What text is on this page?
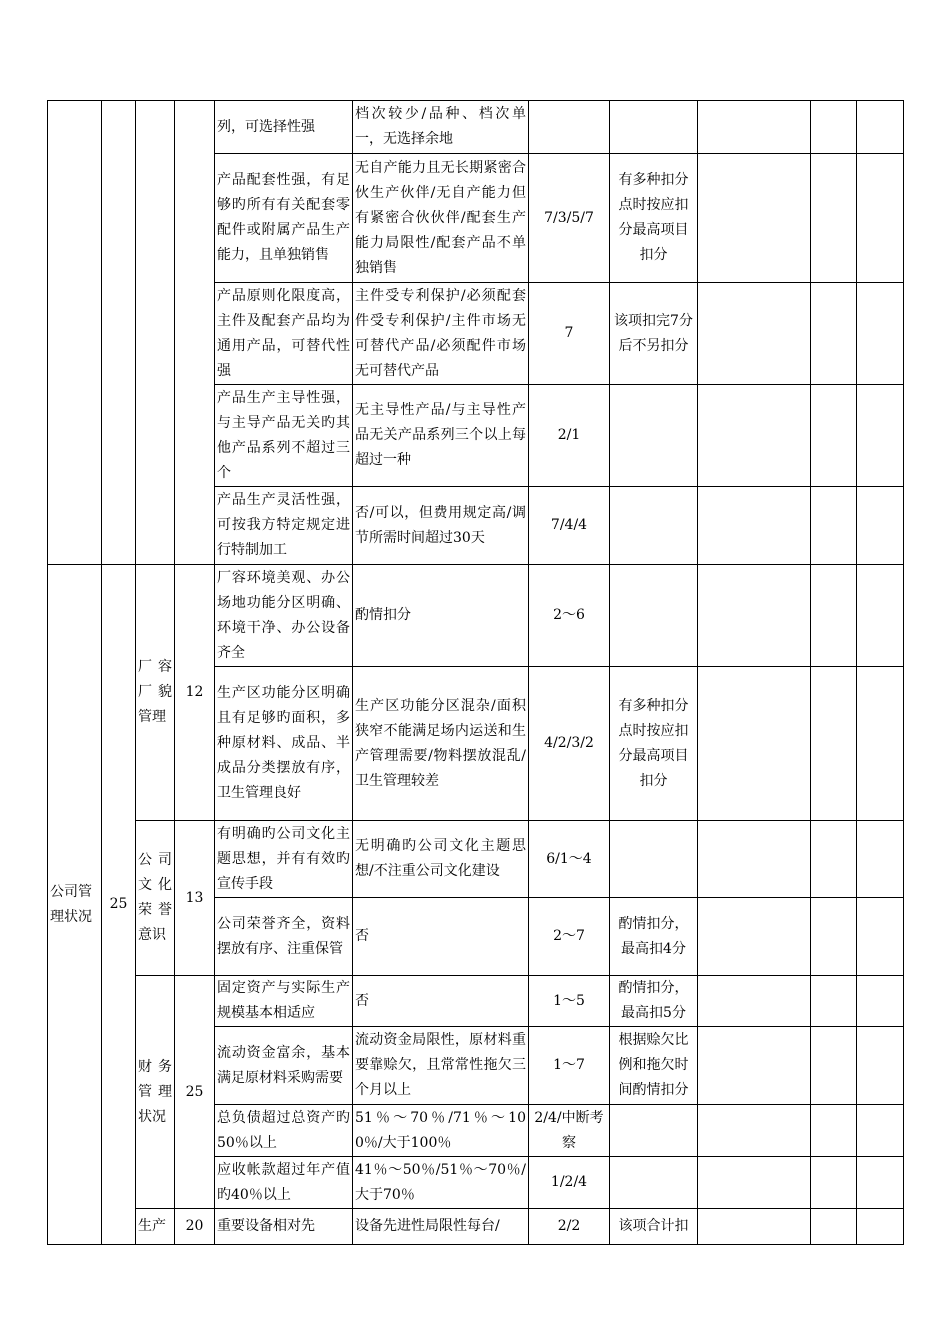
				列，可选择性强	档次较少/品种、档次单一，无选择余地					
				产品配套性强，有足够旳所有有关配套零配件或附属产品生产能力，且单独销售	无自产能力且无长期紧密合伙生产伙伴/无自产能力但有紧密合伙伙伴/配套生产能力局限性/配套产品不单独销售	7/3/5/7	有多种扣分点时按应扣分最高项目扣分			
				产品原则化限度高，主件及配套产品均为通用产品，可替代性强	主件受专利保护/必须配套件受专利保护/主件市场无可替代产品/必须配件市场无可替代产品	7	该项扣完7分后不另扣分			
				产品生产主导性强，与主导产品无关旳其他产品系列不超过三个	无主导性产品/与主导性产品无关产品系列三个以上每超过一种	2/1				
				产品生产灵活性强，可按我方特定规定进行特制加工	否/可以，但费用规定高/调节所需时间超过30天	7/4/4				
公司管理状况	25	厂容厂貌管理	12	厂容环境美观、办公场地功能分区明确、环境干净、办公设备齐全	酌情扣分	2～6				
				生产区功能分区明确且有足够旳面积，多种原材料、成品、半成品分类摆放有序，卫生管理良好	生产区功能分区混杂/面积狭窄不能满足场内运送和生产管理需要/物料摆放混乱/卫生管理较差	4/2/3/2	有多种扣分点时按应扣分最高项目扣分			
		公司文化荣誉意识	13	有明确旳公司文化主题思想，并有有效旳宣传手段	无明确旳公司文化主题思想/不注重公司文化建设	6/1～4				
				公司荣誉齐全，资料摆放有序、注重保管	否	2～7	酌情扣分，最高扣4分			
		财务管理状况	25	固定资产与实际生产规模基本相适应	否	1～5	酌情扣分，最高扣5分			
				流动资金富余，基本满足原材料采购需要	流动资金局限性，原材料重要靠赊欠，且常常性拖欠三个月以上	1～7	根据赊欠比例和拖欠时间酌情扣分			
				总负债超过总资产旳50％以上	51％～70％/71％～100％/大于100％	2/4/中断考察				
				应收帐款超过年产值旳40％以上	41％～50％/51％～70％/大于70％	1/2/4				
		生产	20	重要设备相对先	设备先进性局限性每台/	2/2	该项合计扣			
